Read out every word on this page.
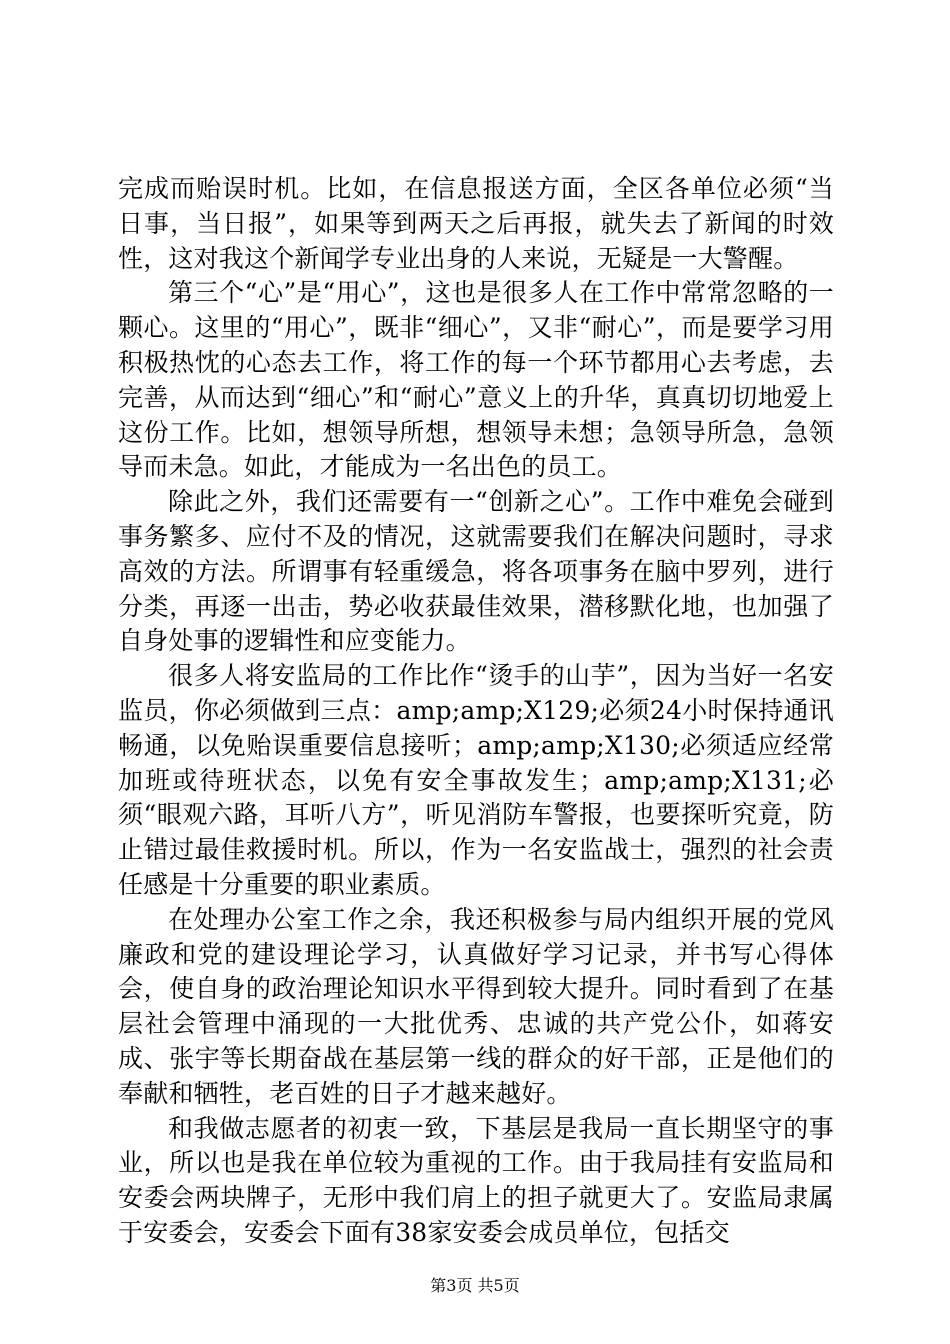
完成而贻误时机。比如，在信息报送方面，全区各单位必须“当日事，当日报”，如果等到两天之后再报，就失去了新闻的时效性，这对我这个新闻学专业出身的人来说，无疑是一大警醒。

第三个“心”是“用心”，这也是很多人在工作中常常忽略的一颗心。这里的“用心”，既非“细心”，又非“耐心”，而是要学习用积极热忱的心态去工作，将工作的每一个环节都用心去考虑，去完善，从而达到“细心”和“耐心”意义上的升华，真真切切地爱上这份工作。比如，想领导所想，想领导未想；急领导所急，急领导而未急。如此，才能成为一名出色的员工。

除此之外，我们还需要有一“创新之心”。工作中难免会碰到事务繁多、应付不及的情况，这就需要我们在解决问题时，寻求高效的方法。所谓事有轻重缓急，将各项事务在脑中罗列，进行分类，再逐一出击，势必收获最佳效果，潜移默化地，也加强了自身处事的逻辑性和应变能力。

很多人将安监局的工作比作“烫手的山芋”，因为当好一名安监员，你必须做到三点：amp;amp;X129;必须24小时保持通讯畅通，以免贻误重要信息接听；amp;amp;X130;必须适应经常加班或待班状态，以免有安全事故发生；amp;amp;X131;必须“眼观六路，耳听八方”，听见消防车警报，也要探听究竟，防止错过最佳救援时机。所以，作为一名安监战士，强烈的社会责任感是十分重要的职业素质。

在处理办公室工作之余，我还积极参与局内组织开展的党风廉政和党的建设理论学习，认真做好学习记录，并书写心得体会，使自身的政治理论知识水平得到较大提升。同时看到了在基层社会管理中涌现的一大批优秀、忠诚的共产党公仆，如蒋安成、张宇等长期奋战在基层第一线的群众的好干部，正是他们的奉献和牺牲，老百姓的日子才越来越好。

和我做志愿者的初衷一致，下基层是我局一直长期坚守的事业，所以也是我在单位较为重视的工作。由于我局挂有安监局和安委会两块牌子，无形中我们肩上的担子就更大了。安监局隶属于安委会，安委会下面有38家安委会成员单位，包括交

第3页 共5页
